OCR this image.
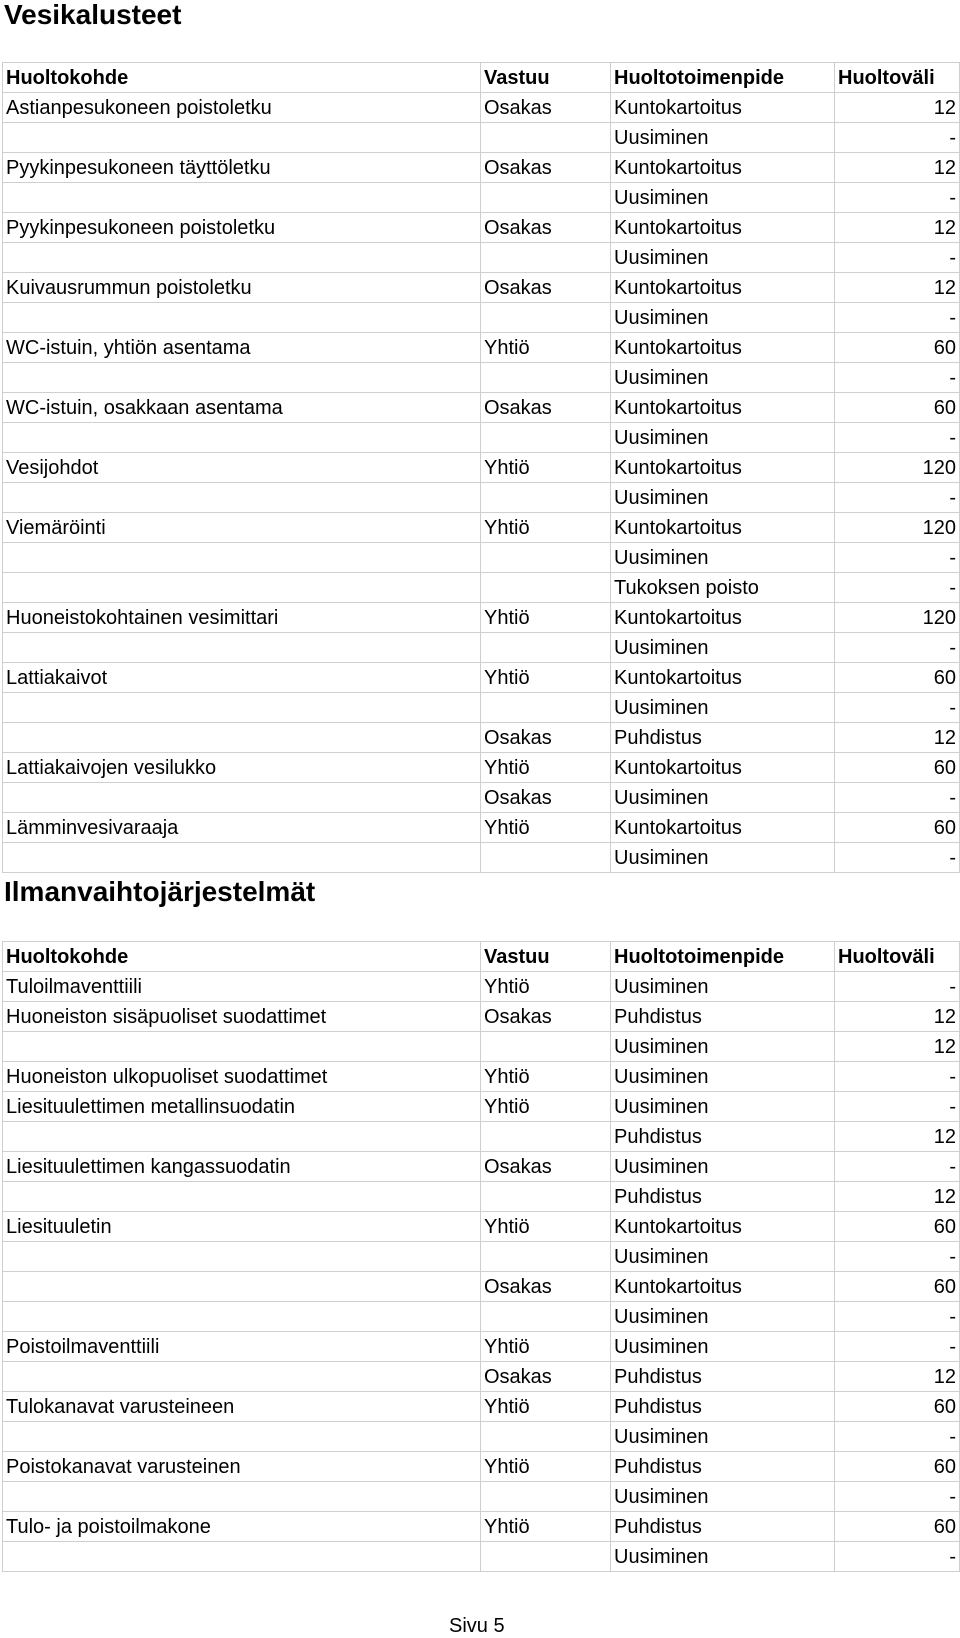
Vesikalusteet
Huoltokohde	Vastuu	Huoltotoimenpide	Huoltoväli
Astianpesukoneen poistoletku	Osakas	Kuntokartoitus	12
		Uusiminen	-
Pyykinpesukoneen täyttöletku	Osakas	Kuntokartoitus	12
		Uusiminen	-
Pyykinpesukoneen poistoletku	Osakas	Kuntokartoitus	12
		Uusiminen	-
Kuivausrummun poistoletku	Osakas	Kuntokartoitus	12
		Uusiminen	-
WC-istuin, yhtiön asentama	Yhtiö	Kuntokartoitus	60
		Uusiminen	-
WC-istuin, osakkaan asentama	Osakas	Kuntokartoitus	60
		Uusiminen	-
Vesijohdot	Yhtiö	Kuntokartoitus	120
		Uusiminen	-
Viemäröinti	Yhtiö	Kuntokartoitus	120
		Uusiminen	-
		Tukoksen poisto	-
Huoneistokohtainen vesimittari	Yhtiö	Kuntokartoitus	120
		Uusiminen	-
Lattiakaivot	Yhtiö	Kuntokartoitus	60
		Uusiminen	-
	Osakas	Puhdistus	12
Lattiakaivojen vesilukko	Yhtiö	Kuntokartoitus	60
	Osakas	Uusiminen	-
Lämminvesivaraaja	Yhtiö	Kuntokartoitus	60
		Uusiminen	-
Ilmanvaihtojärjestelmät
Huoltokohde	Vastuu	Huoltotoimenpide	Huoltoväli
Tuloilmaventtiili	Yhtiö	Uusiminen	-
Huoneiston sisäpuoliset suodattimet	Osakas	Puhdistus	12
		Uusiminen	12
Huoneiston ulkopuoliset suodattimet	Yhtiö	Uusiminen	-
Liesituulettimen metallinsuodatin	Yhtiö	Uusiminen	-
		Puhdistus	12
Liesituulettimen kangassuodatin	Osakas	Uusiminen	-
		Puhdistus	12
Liesituuletin	Yhtiö	Kuntokartoitus	60
		Uusiminen	-
	Osakas	Kuntokartoitus	60
		Uusiminen	-
Poistoilmaventtiili	Yhtiö	Uusiminen	-
	Osakas	Puhdistus	12
Tulokanavat varusteineen	Yhtiö	Puhdistus	60
		Uusiminen	-
Poistokanavat varusteinen	Yhtiö	Puhdistus	60
		Uusiminen	-
Tulo- ja poistoilmakone	Yhtiö	Puhdistus	60
		Uusiminen	-
Sivu 5
